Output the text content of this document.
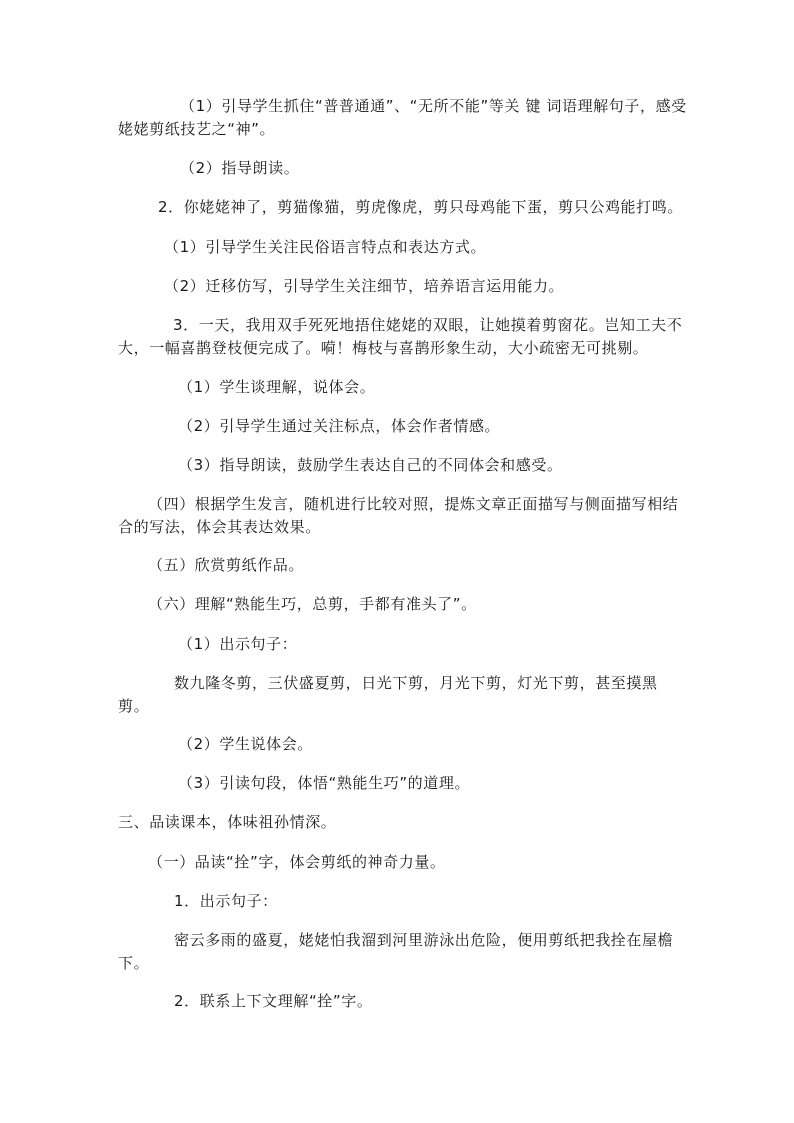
（1）引导学生抓住“普普通通”、“无所不能”等关 键 词语理解句子，感受姥姥剪纸技艺之“神”。

（2）指导朗读。

2．你姥姥神了，剪猫像猫，剪虎像虎，剪只母鸡能下蛋，剪只公鸡能打鸣。

（1）引导学生关注民俗语言特点和表达方式。

（2）迁移仿写，引导学生关注细节，培养语言运用能力。

3．一天，我用双手死死地捂住姥姥的双眼，让她摸着剪窗花。岂知工夫不大，一幅喜鹊登枝便完成了。嗬！梅枝与喜鹊形象生动，大小疏密无可挑剔。

（1）学生谈理解，说体会。

（2）引导学生通过关注标点，体会作者情感。

（3）指导朗读，鼓励学生表达自己的不同体会和感受。

（四）根据学生发言，随机进行比较对照，提炼文章正面描写与侧面描写相结合的写法，体会其表达效果。

（五）欣赏剪纸作品。

（六）理解“熟能生巧，总剪，手都有准头了”。

（1）出示句子：

数九隆冬剪，三伏盛夏剪，日光下剪，月光下剪，灯光下剪，甚至摸黑剪。

（2）学生说体会。

（3）引读句段，体悟“熟能生巧”的道理。

三、品读课本，体味祖孙情深。

（一）品读“拴”字，体会剪纸的神奇力量。

1．出示句子：

密云多雨的盛夏，姥姥怕我溜到河里游泳出危险，便用剪纸把我拴在屋檐下。

2．联系上下文理解“拴”字。
